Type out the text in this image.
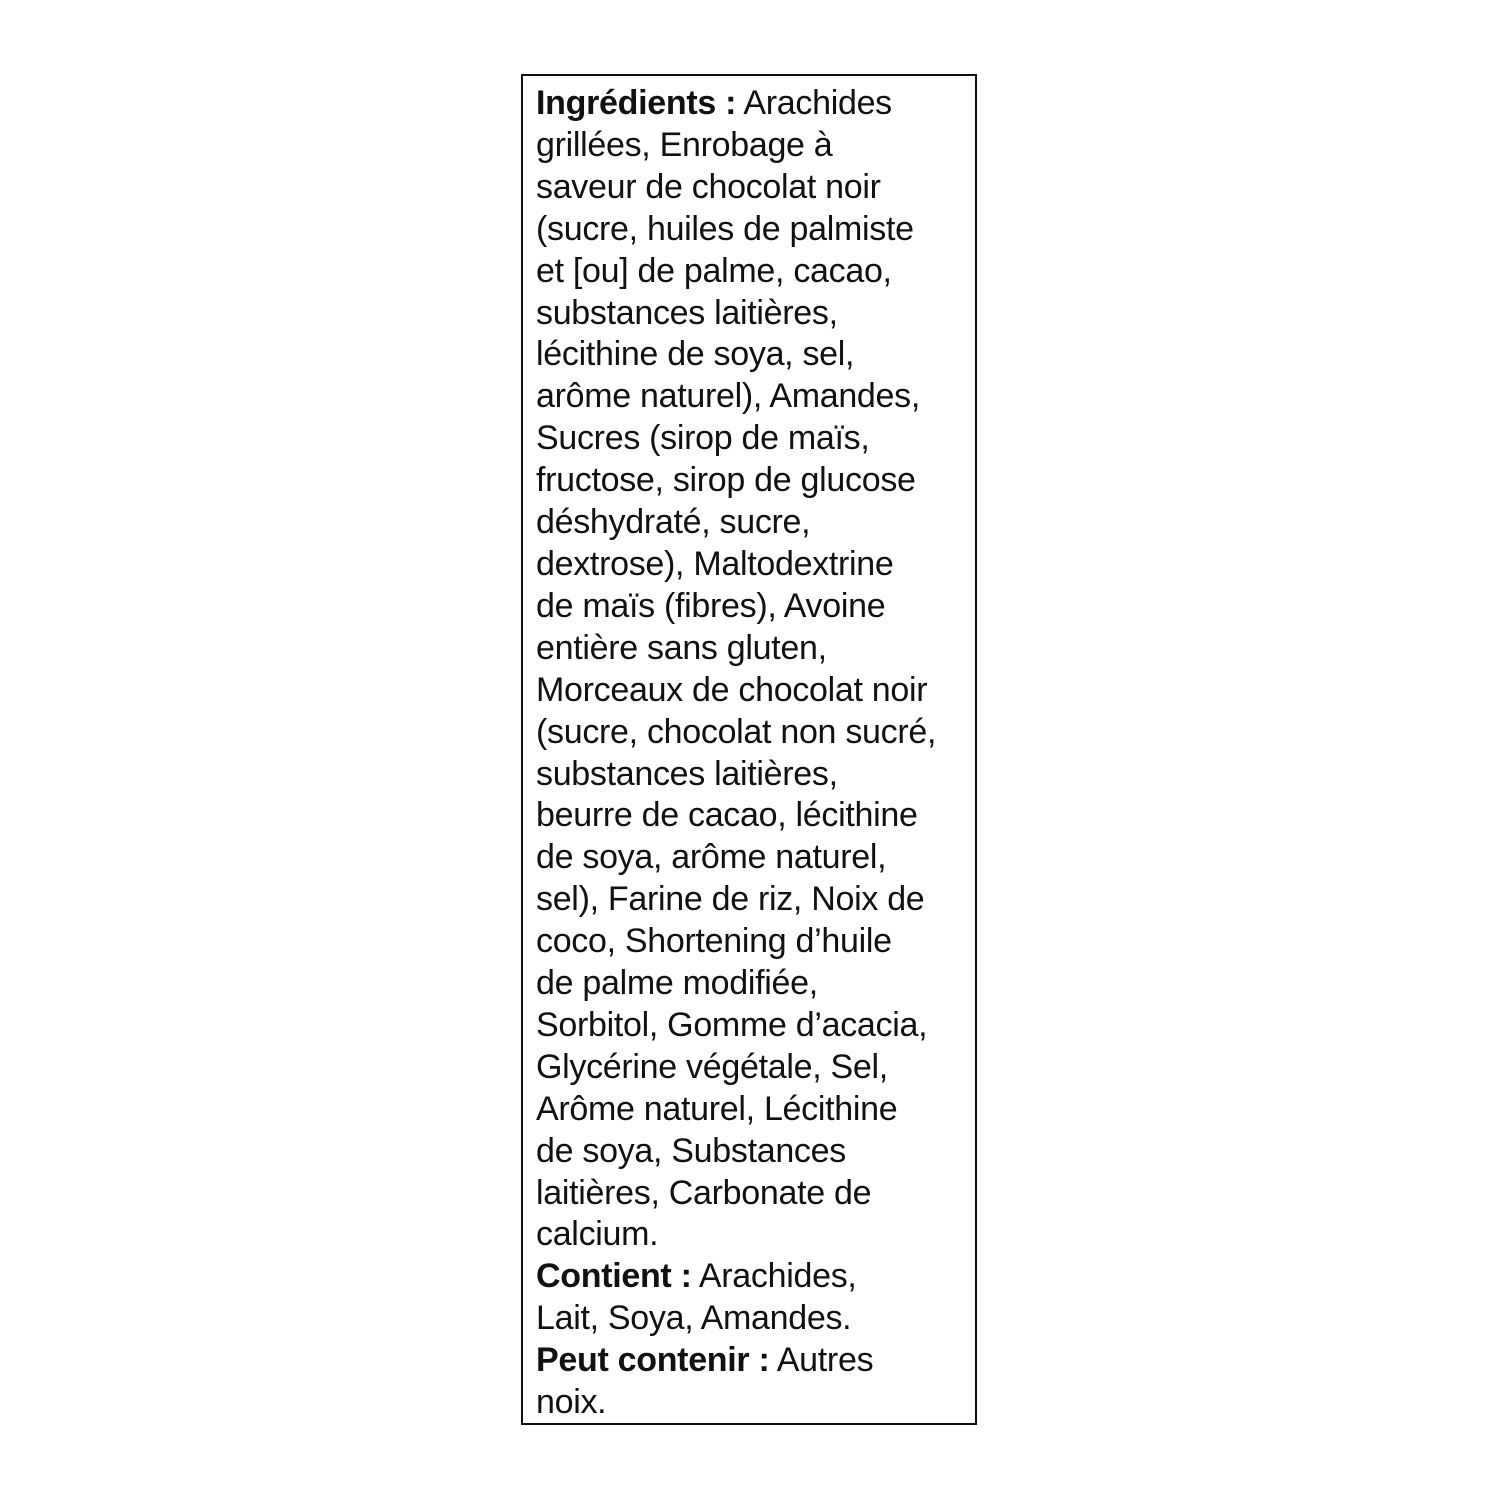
Ingrédients : Arachides
grillées, Enrobage à
saveur de chocolat noir
(sucre, huiles de palmiste
et [ou] de palme, cacao,
substances laitières,
lécithine de soya, sel,
arôme naturel), Amandes,
Sucres (sirop de maïs,
fructose, sirop de glucose
déshydraté, sucre,
dextrose), Maltodextrine
de maïs (fibres), Avoine
entière sans gluten,
Morceaux de chocolat noir
(sucre, chocolat non sucré,
substances laitières,
beurre de cacao, lécithine
de soya, arôme naturel,
sel), Farine de riz, Noix de
coco, Shortening d’huile
de palme modifiée,
Sorbitol, Gomme d’acacia,
Glycérine végétale, Sel,
Arôme naturel, Lécithine
de soya, Substances
laitières, Carbonate de
calcium.
Contient : Arachides,
Lait, Soya, Amandes.
Peut contenir : Autres
noix.
